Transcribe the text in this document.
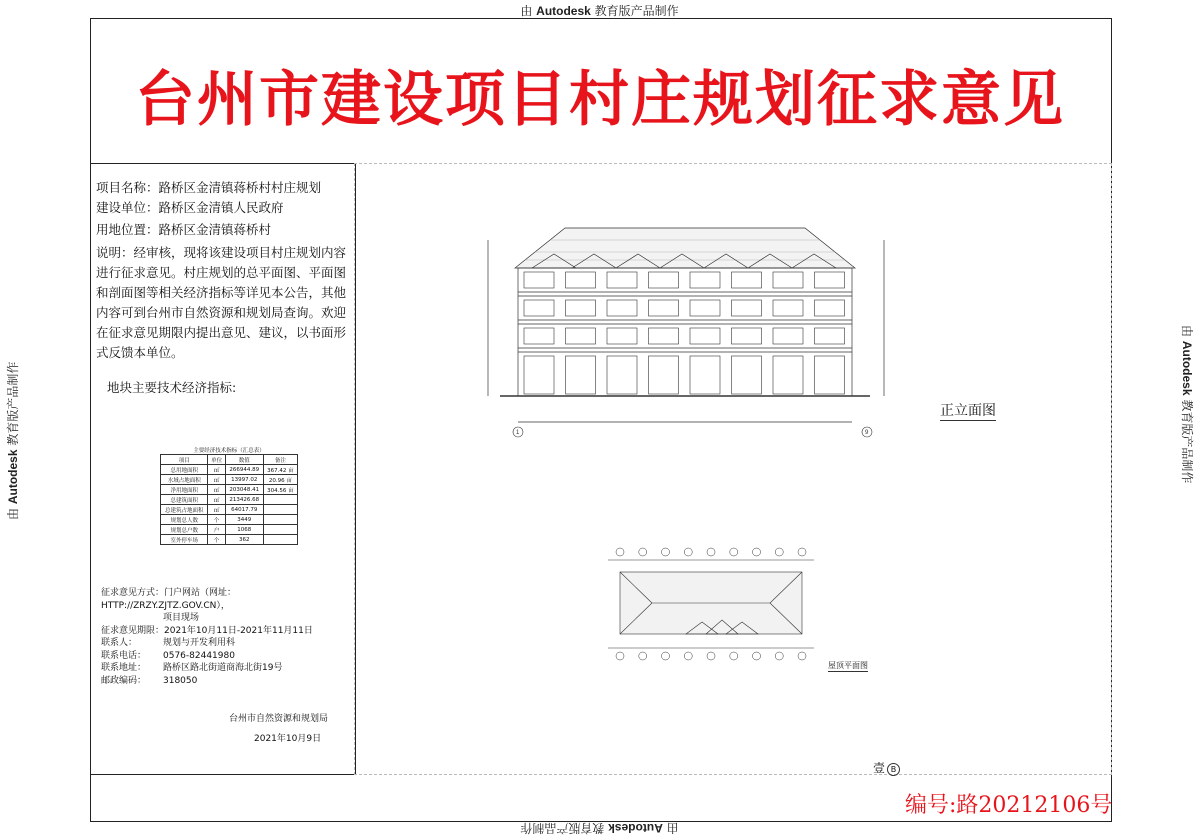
由 Autodesk 教育版产品制作
由 Autodesk 教育版产品制作
由 Autodesk 教育版产品制作
由 Autodesk 教育版产品制作
台州市建设项目村庄规划征求意见

项目名称：路桥区金清镇蒋桥村村庄规划

建设单位：路桥区金清镇人民政府

用地位置：路桥区金清镇蒋桥村

说明：经审核，现将该建设项目村庄规划内容

进行征求意见。村庄规划的总平面图、平面图

和剖面图等相关经济指标等详见本公告，其他

内容可到台州市自然资源和规划局查询。欢迎

在征求意见期限内提出意见、建议，以书面形

式反馈本单位。

地块主要技术经济指标:
主要经济技术指标（汇总表）
项目	单位	数值	备注
总用地面积	㎡	266944.89	367.42 亩
水域占地面积	㎡	13997.02	20.96 亩
净用地面积	㎡	203048.41	304.56 亩
总建筑面积	㎡	213426.68	
总建筑占地面积	㎡	64017.79	
规划总人数	个	3449	
规划总户数	户	1068	
室外停车场	个	362	
征求意见方式：门户网站（网址：HTTP://ZRZY.ZJTZ.GOV.CN），
项目现场
征求意见期限：2021年10月11日-2021年11月11日
联系人：	规划与开发利用科
联系电话： 0576-82441980
联系地址： 路桥区路北街道商海北街19号
邮政编码： 318050
台州市自然资源和规划局
2021年10月9日
1	9
正立面图
屋顶平面图
壹 B
编号:路20212106号
